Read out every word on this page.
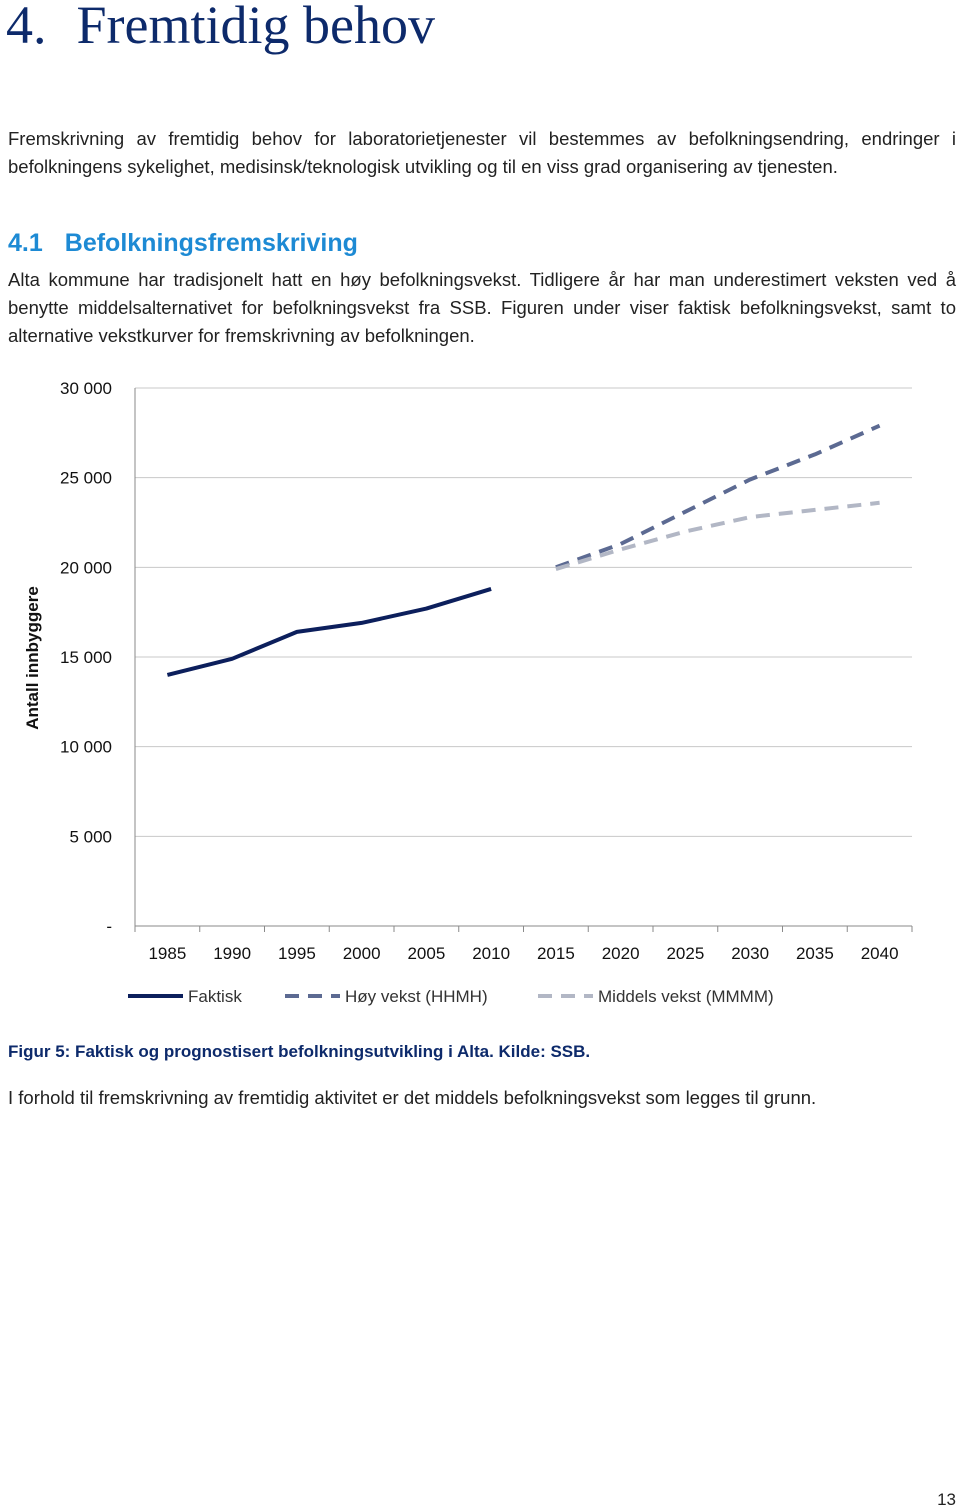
4. Fremtidig behov

Fremskrivning av fremtidig behov for laboratorietjenester vil bestemmes av befolkningsendring, endringer i befolkningens sykelighet, medisinsk/teknologisk utvikling og til en viss grad organisering av tjenesten.

4.1 Befolkningsfremskriving

Alta kommune har tradisjonelt hatt en høy befolkningsvekst. Tidligere år har man underestimert veksten ved å benytte middelsalternativet for befolkningsvekst fra SSB. Figuren under viser faktisk befolkningsvekst, samt to alternative vekstkurver for fremskrivning av befolkningen.

-
5 000
10 000
15 000
20 000
25 000
30 000
1985 1990 1995 2000 2005 2010 2015 2020 2025 2030 2035 2040
Antall innbyggere
Faktisk	Høy vekst (HHMH)	Middels vekst (MMMM)

Figur 5: Faktisk og prognostisert befolkningsutvikling i Alta. Kilde: SSB.

I forhold til fremskrivning av fremtidig aktivitet er det middels befolkningsvekst som legges til grunn.

13
